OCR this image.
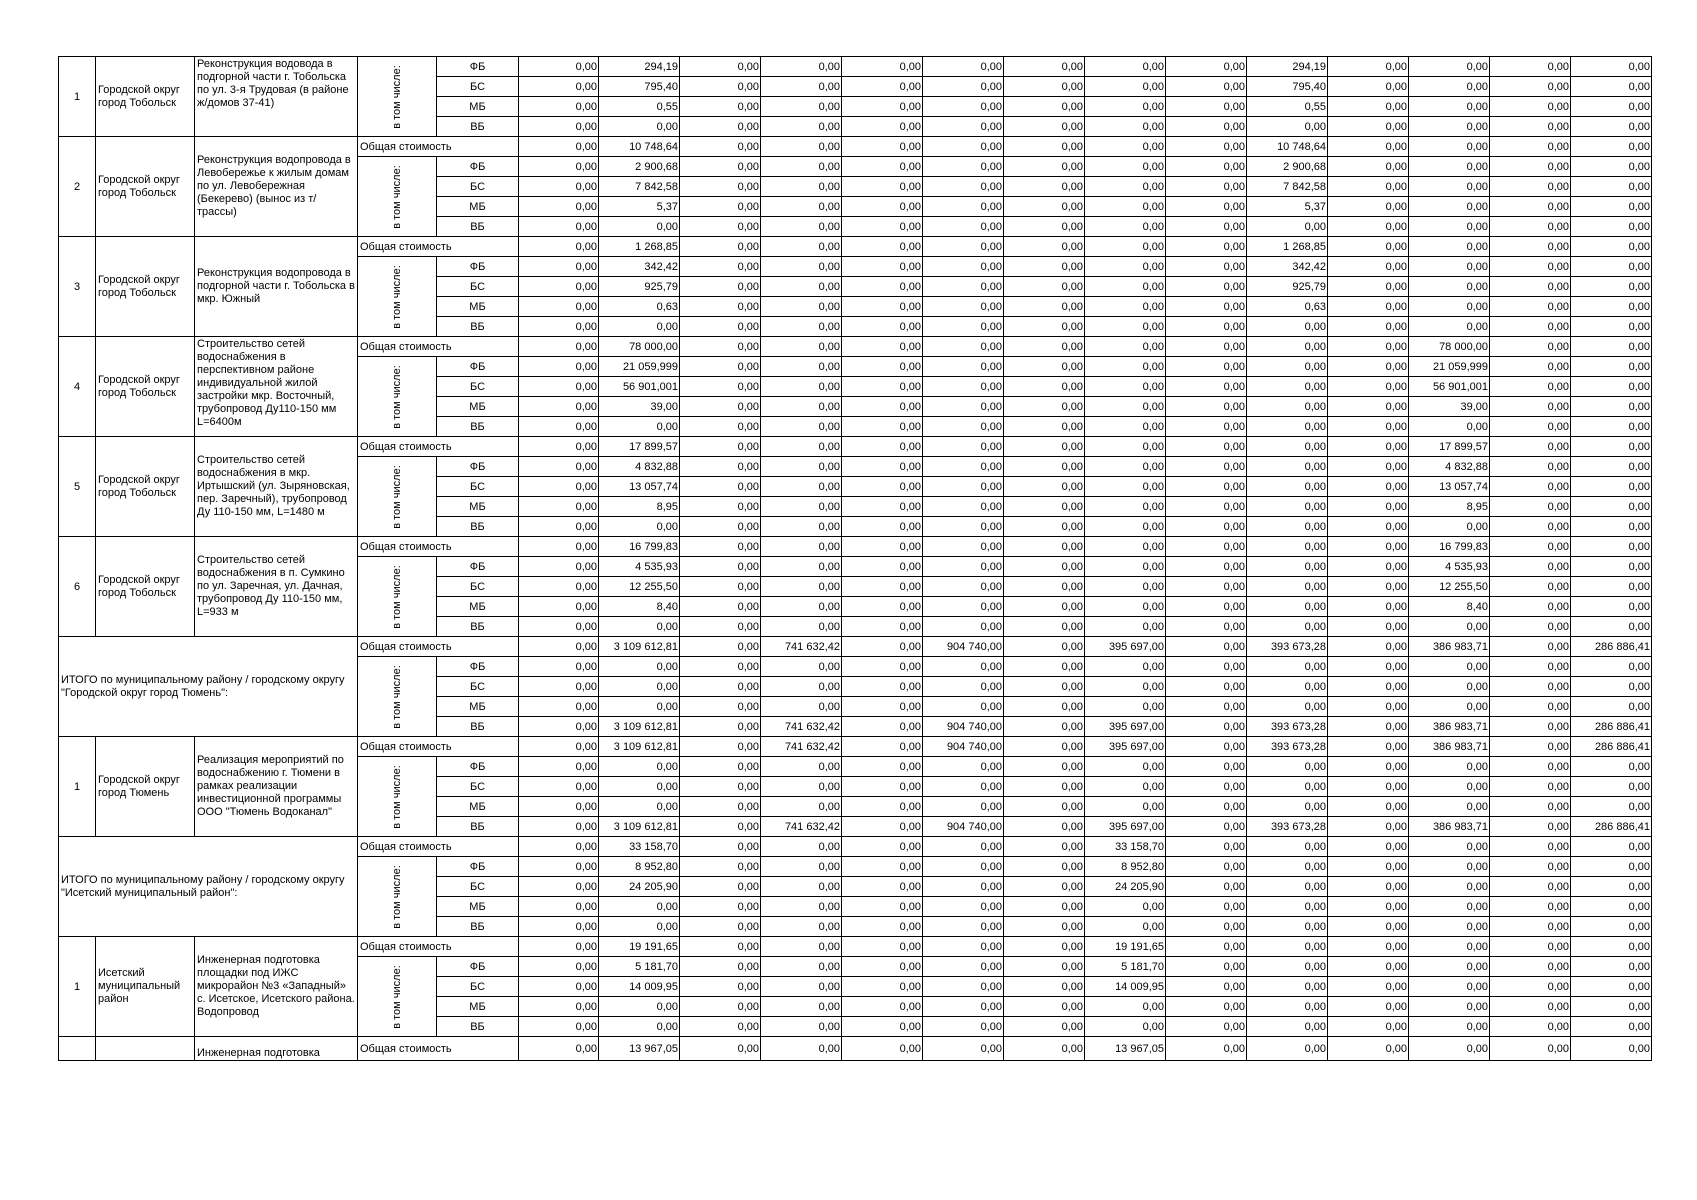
1	Городской округ город Тобольск	Реконструкция водовода в подгорной части г. Тобольска по ул. 3-я Трудовая (в районе ж/домов 37-41)	в том числе:	ФБ	0,00	294,19	0,00	0,00	0,00	0,00	0,00	0,00	0,00	294,19	0,00	0,00	0,00	0,00
				БС	0,00	795,40	0,00	0,00	0,00	0,00	0,00	0,00	0,00	795,40	0,00	0,00	0,00	0,00
				МБ	0,00	0,55	0,00	0,00	0,00	0,00	0,00	0,00	0,00	0,55	0,00	0,00	0,00	0,00
				ВБ	0,00	0,00	0,00	0,00	0,00	0,00	0,00	0,00	0,00	0,00	0,00	0,00	0,00	0,00
2	Городской округ город Тобольск	Реконструкция водопровода в Левобережье к жилым домам по ул. Левобережная (Бекерево) (вынос из т/трассы)	Общая стоимость		0,00	10 748,64	0,00	0,00	0,00	0,00	0,00	0,00	0,00	10 748,64	0,00	0,00	0,00	0,00
			в том числе:	ФБ	0,00	2 900,68	0,00	0,00	0,00	0,00	0,00	0,00	0,00	2 900,68	0,00	0,00	0,00	0,00
				БС	0,00	7 842,58	0,00	0,00	0,00	0,00	0,00	0,00	0,00	7 842,58	0,00	0,00	0,00	0,00
				МБ	0,00	5,37	0,00	0,00	0,00	0,00	0,00	0,00	0,00	5,37	0,00	0,00	0,00	0,00
				ВБ	0,00	0,00	0,00	0,00	0,00	0,00	0,00	0,00	0,00	0,00	0,00	0,00	0,00	0,00
3	Городской округ город Тобольск	Реконструкция водопровода в подгорной части г. Тобольска в мкр. Южный	Общая стоимость		0,00	1 268,85	0,00	0,00	0,00	0,00	0,00	0,00	0,00	1 268,85	0,00	0,00	0,00	0,00
			в том числе:	ФБ	0,00	342,42	0,00	0,00	0,00	0,00	0,00	0,00	0,00	342,42	0,00	0,00	0,00	0,00
				БС	0,00	925,79	0,00	0,00	0,00	0,00	0,00	0,00	0,00	925,79	0,00	0,00	0,00	0,00
				МБ	0,00	0,63	0,00	0,00	0,00	0,00	0,00	0,00	0,00	0,63	0,00	0,00	0,00	0,00
				ВБ	0,00	0,00	0,00	0,00	0,00	0,00	0,00	0,00	0,00	0,00	0,00	0,00	0,00	0,00
4	Городской округ город Тобольск	Строительство сетей водоснабжения в перспективном районе индивидуальной жилой застройки мкр. Восточный, трубопровод Ду110-150 мм L=6400м	Общая стоимость		0,00	78 000,00	0,00	0,00	0,00	0,00	0,00	0,00	0,00	0,00	0,00	78 000,00	0,00	0,00
			в том числе:	ФБ	0,00	21 059,999	0,00	0,00	0,00	0,00	0,00	0,00	0,00	0,00	0,00	21 059,999	0,00	0,00
				БС	0,00	56 901,001	0,00	0,00	0,00	0,00	0,00	0,00	0,00	0,00	0,00	56 901,001	0,00	0,00
				МБ	0,00	39,00	0,00	0,00	0,00	0,00	0,00	0,00	0,00	0,00	0,00	39,00	0,00	0,00
				ВБ	0,00	0,00	0,00	0,00	0,00	0,00	0,00	0,00	0,00	0,00	0,00	0,00	0,00	0,00
5	Городской округ город Тобольск	Строительство сетей водоснабжения в мкр. Иртышский (ул. Зыряновская, пер. Заречный), трубопровод Ду 110-150 мм, L=1480 м	Общая стоимость		0,00	17 899,57	0,00	0,00	0,00	0,00	0,00	0,00	0,00	0,00	0,00	17 899,57	0,00	0,00
			в том числе:	ФБ	0,00	4 832,88	0,00	0,00	0,00	0,00	0,00	0,00	0,00	0,00	0,00	4 832,88	0,00	0,00
				БС	0,00	13 057,74	0,00	0,00	0,00	0,00	0,00	0,00	0,00	0,00	0,00	13 057,74	0,00	0,00
				МБ	0,00	8,95	0,00	0,00	0,00	0,00	0,00	0,00	0,00	0,00	0,00	8,95	0,00	0,00
				ВБ	0,00	0,00	0,00	0,00	0,00	0,00	0,00	0,00	0,00	0,00	0,00	0,00	0,00	0,00
6	Городской округ город Тобольск	Строительство сетей водоснабжения в п. Сумкино по ул. Заречная, ул. Дачная, трубопровод Ду 110-150 мм, L=933 м	Общая стоимость		0,00	16 799,83	0,00	0,00	0,00	0,00	0,00	0,00	0,00	0,00	0,00	16 799,83	0,00	0,00
			в том числе:	ФБ	0,00	4 535,93	0,00	0,00	0,00	0,00	0,00	0,00	0,00	0,00	0,00	4 535,93	0,00	0,00
				БС	0,00	12 255,50	0,00	0,00	0,00	0,00	0,00	0,00	0,00	0,00	0,00	12 255,50	0,00	0,00
				МБ	0,00	8,40	0,00	0,00	0,00	0,00	0,00	0,00	0,00	0,00	0,00	8,40	0,00	0,00
				ВБ	0,00	0,00	0,00	0,00	0,00	0,00	0,00	0,00	0,00	0,00	0,00	0,00	0,00	0,00
ИТОГО по муниципальному району / городскому округу "Городской округ город Тюмень":			Общая стоимость		0,00	3 109 612,81	0,00	741 632,42	0,00	904 740,00	0,00	395 697,00	0,00	393 673,28	0,00	386 983,71	0,00	286 886,41
			в том числе:	ФБ	0,00	0,00	0,00	0,00	0,00	0,00	0,00	0,00	0,00	0,00	0,00	0,00	0,00	0,00
				БС	0,00	0,00	0,00	0,00	0,00	0,00	0,00	0,00	0,00	0,00	0,00	0,00	0,00	0,00
				МБ	0,00	0,00	0,00	0,00	0,00	0,00	0,00	0,00	0,00	0,00	0,00	0,00	0,00	0,00
				ВБ	0,00	3 109 612,81	0,00	741 632,42	0,00	904 740,00	0,00	395 697,00	0,00	393 673,28	0,00	386 983,71	0,00	286 886,41
1	Городской округ город Тюмень	Реализация мероприятий по водоснабжению г. Тюмени в рамках реализации инвестиционной программы ООО "Тюмень Водоканал"	Общая стоимость		0,00	3 109 612,81	0,00	741 632,42	0,00	904 740,00	0,00	395 697,00	0,00	393 673,28	0,00	386 983,71	0,00	286 886,41
			в том числе:	ФБ	0,00	0,00	0,00	0,00	0,00	0,00	0,00	0,00	0,00	0,00	0,00	0,00	0,00	0,00
				БС	0,00	0,00	0,00	0,00	0,00	0,00	0,00	0,00	0,00	0,00	0,00	0,00	0,00	0,00
				МБ	0,00	0,00	0,00	0,00	0,00	0,00	0,00	0,00	0,00	0,00	0,00	0,00	0,00	0,00
				ВБ	0,00	3 109 612,81	0,00	741 632,42	0,00	904 740,00	0,00	395 697,00	0,00	393 673,28	0,00	386 983,71	0,00	286 886,41
ИТОГО по муниципальному району / городскому округу "Исетский муниципальный район":			Общая стоимость		0,00	33 158,70	0,00	0,00	0,00	0,00	0,00	33 158,70	0,00	0,00	0,00	0,00	0,00	0,00
			в том числе:	ФБ	0,00	8 952,80	0,00	0,00	0,00	0,00	0,00	8 952,80	0,00	0,00	0,00	0,00	0,00	0,00
				БС	0,00	24 205,90	0,00	0,00	0,00	0,00	0,00	24 205,90	0,00	0,00	0,00	0,00	0,00	0,00
				МБ	0,00	0,00	0,00	0,00	0,00	0,00	0,00	0,00	0,00	0,00	0,00	0,00	0,00	0,00
				ВБ	0,00	0,00	0,00	0,00	0,00	0,00	0,00	0,00	0,00	0,00	0,00	0,00	0,00	0,00
1	Исетский муниципальный район	Инженерная подготовка площадки под ИЖС микрорайон №3 «Западный» с. Исетское, Исетского района. Водопровод	Общая стоимость		0,00	19 191,65	0,00	0,00	0,00	0,00	0,00	19 191,65	0,00	0,00	0,00	0,00	0,00	0,00
			в том числе:	ФБ	0,00	5 181,70	0,00	0,00	0,00	0,00	0,00	5 181,70	0,00	0,00	0,00	0,00	0,00	0,00
				БС	0,00	14 009,95	0,00	0,00	0,00	0,00	0,00	14 009,95	0,00	0,00	0,00	0,00	0,00	0,00
				МБ	0,00	0,00	0,00	0,00	0,00	0,00	0,00	0,00	0,00	0,00	0,00	0,00	0,00	0,00
				ВБ	0,00	0,00	0,00	0,00	0,00	0,00	0,00	0,00	0,00	0,00	0,00	0,00	0,00	0,00
		Инженерная подготовка	Общая стоимость		0,00	13 967,05	0,00	0,00	0,00	0,00	0,00	13 967,05	0,00	0,00	0,00	0,00	0,00	0,00
